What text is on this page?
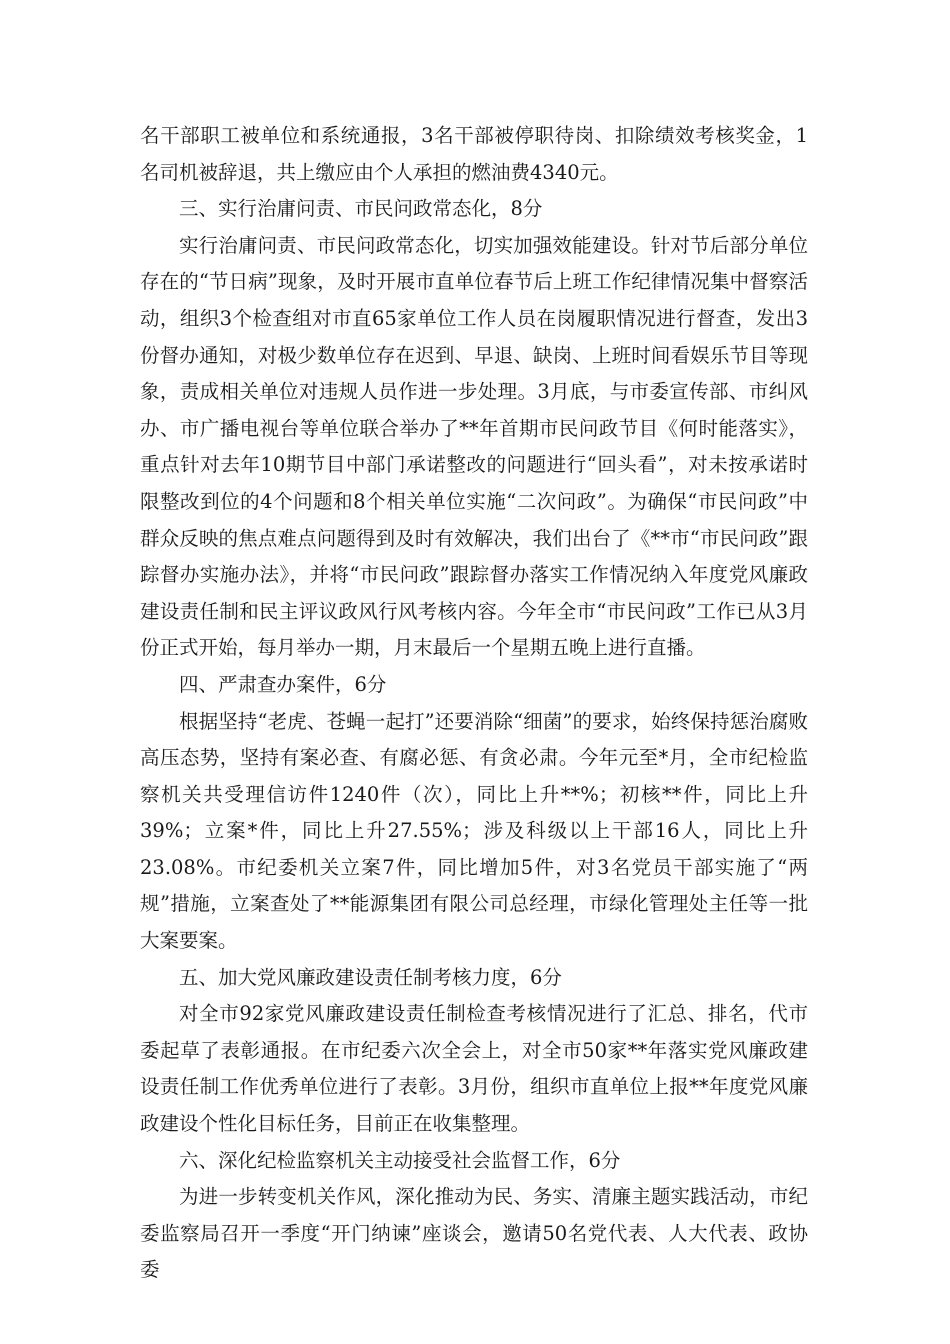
名干部职工被单位和系统通报，3名干部被停职待岗、扣除绩效考核奖金，1名司机被辞退，共上缴应由个人承担的燃油费4340元。

三、实行治庸问责、市民问政常态化，8分

实行治庸问责、市民问政常态化，切实加强效能建设。针对节后部分单位存在的“节日病”现象，及时开展市直单位春节后上班工作纪律情况集中督察活动，组织3个检查组对市直65家单位工作人员在岗履职情况进行督查，发出3份督办通知，对极少数单位存在迟到、早退、缺岗、上班时间看娱乐节目等现象，责成相关单位对违规人员作进一步处理。3月底，与市委宣传部、市纠风办、市广播电视台等单位联合举办了**年首期市民问政节目《何时能落实》，重点针对去年10期节目中部门承诺整改的问题进行“回头看”，对未按承诺时限整改到位的4个问题和8个相关单位实施“二次问政”。为确保“市民问政”中群众反映的焦点难点问题得到及时有效解决，我们出台了《**市“市民问政”跟踪督办实施办法》，并将“市民问政”跟踪督办落实工作情况纳入年度党风廉政建设责任制和民主评议政风行风考核内容。今年全市“市民问政”工作已从3月份正式开始，每月举办一期，月末最后一个星期五晚上进行直播。

四、严肃查办案件，6分

根据坚持“老虎、苍蝇一起打”还要消除“细菌”的要求，始终保持惩治腐败高压态势，坚持有案必查、有腐必惩、有贪必肃。今年元至*月，全市纪检监察机关共受理信访件1240件（次），同比上升**%；初核**件，同比上升39%；立案*件，同比上升27.55%；涉及科级以上干部16人，同比上升23.08%。市纪委机关立案7件，同比增加5件，对3名党员干部实施了“两规”措施，立案查处了**能源集团有限公司总经理，市绿化管理处主任等一批大案要案。

五、加大党风廉政建设责任制考核力度，6分

对全市92家党风廉政建设责任制检查考核情况进行了汇总、排名，代市委起草了表彰通报。在市纪委六次全会上，对全市50家**年落实党风廉政建设责任制工作优秀单位进行了表彰。3月份，组织市直单位上报**年度党风廉政建设个性化目标任务，目前正在收集整理。

六、深化纪检监察机关主动接受社会监督工作，6分

为进一步转变机关作风，深化推动为民、务实、清廉主题实践活动，市纪委监察局召开一季度“开门纳谏”座谈会，邀请50名党代表、人大代表、政协委
